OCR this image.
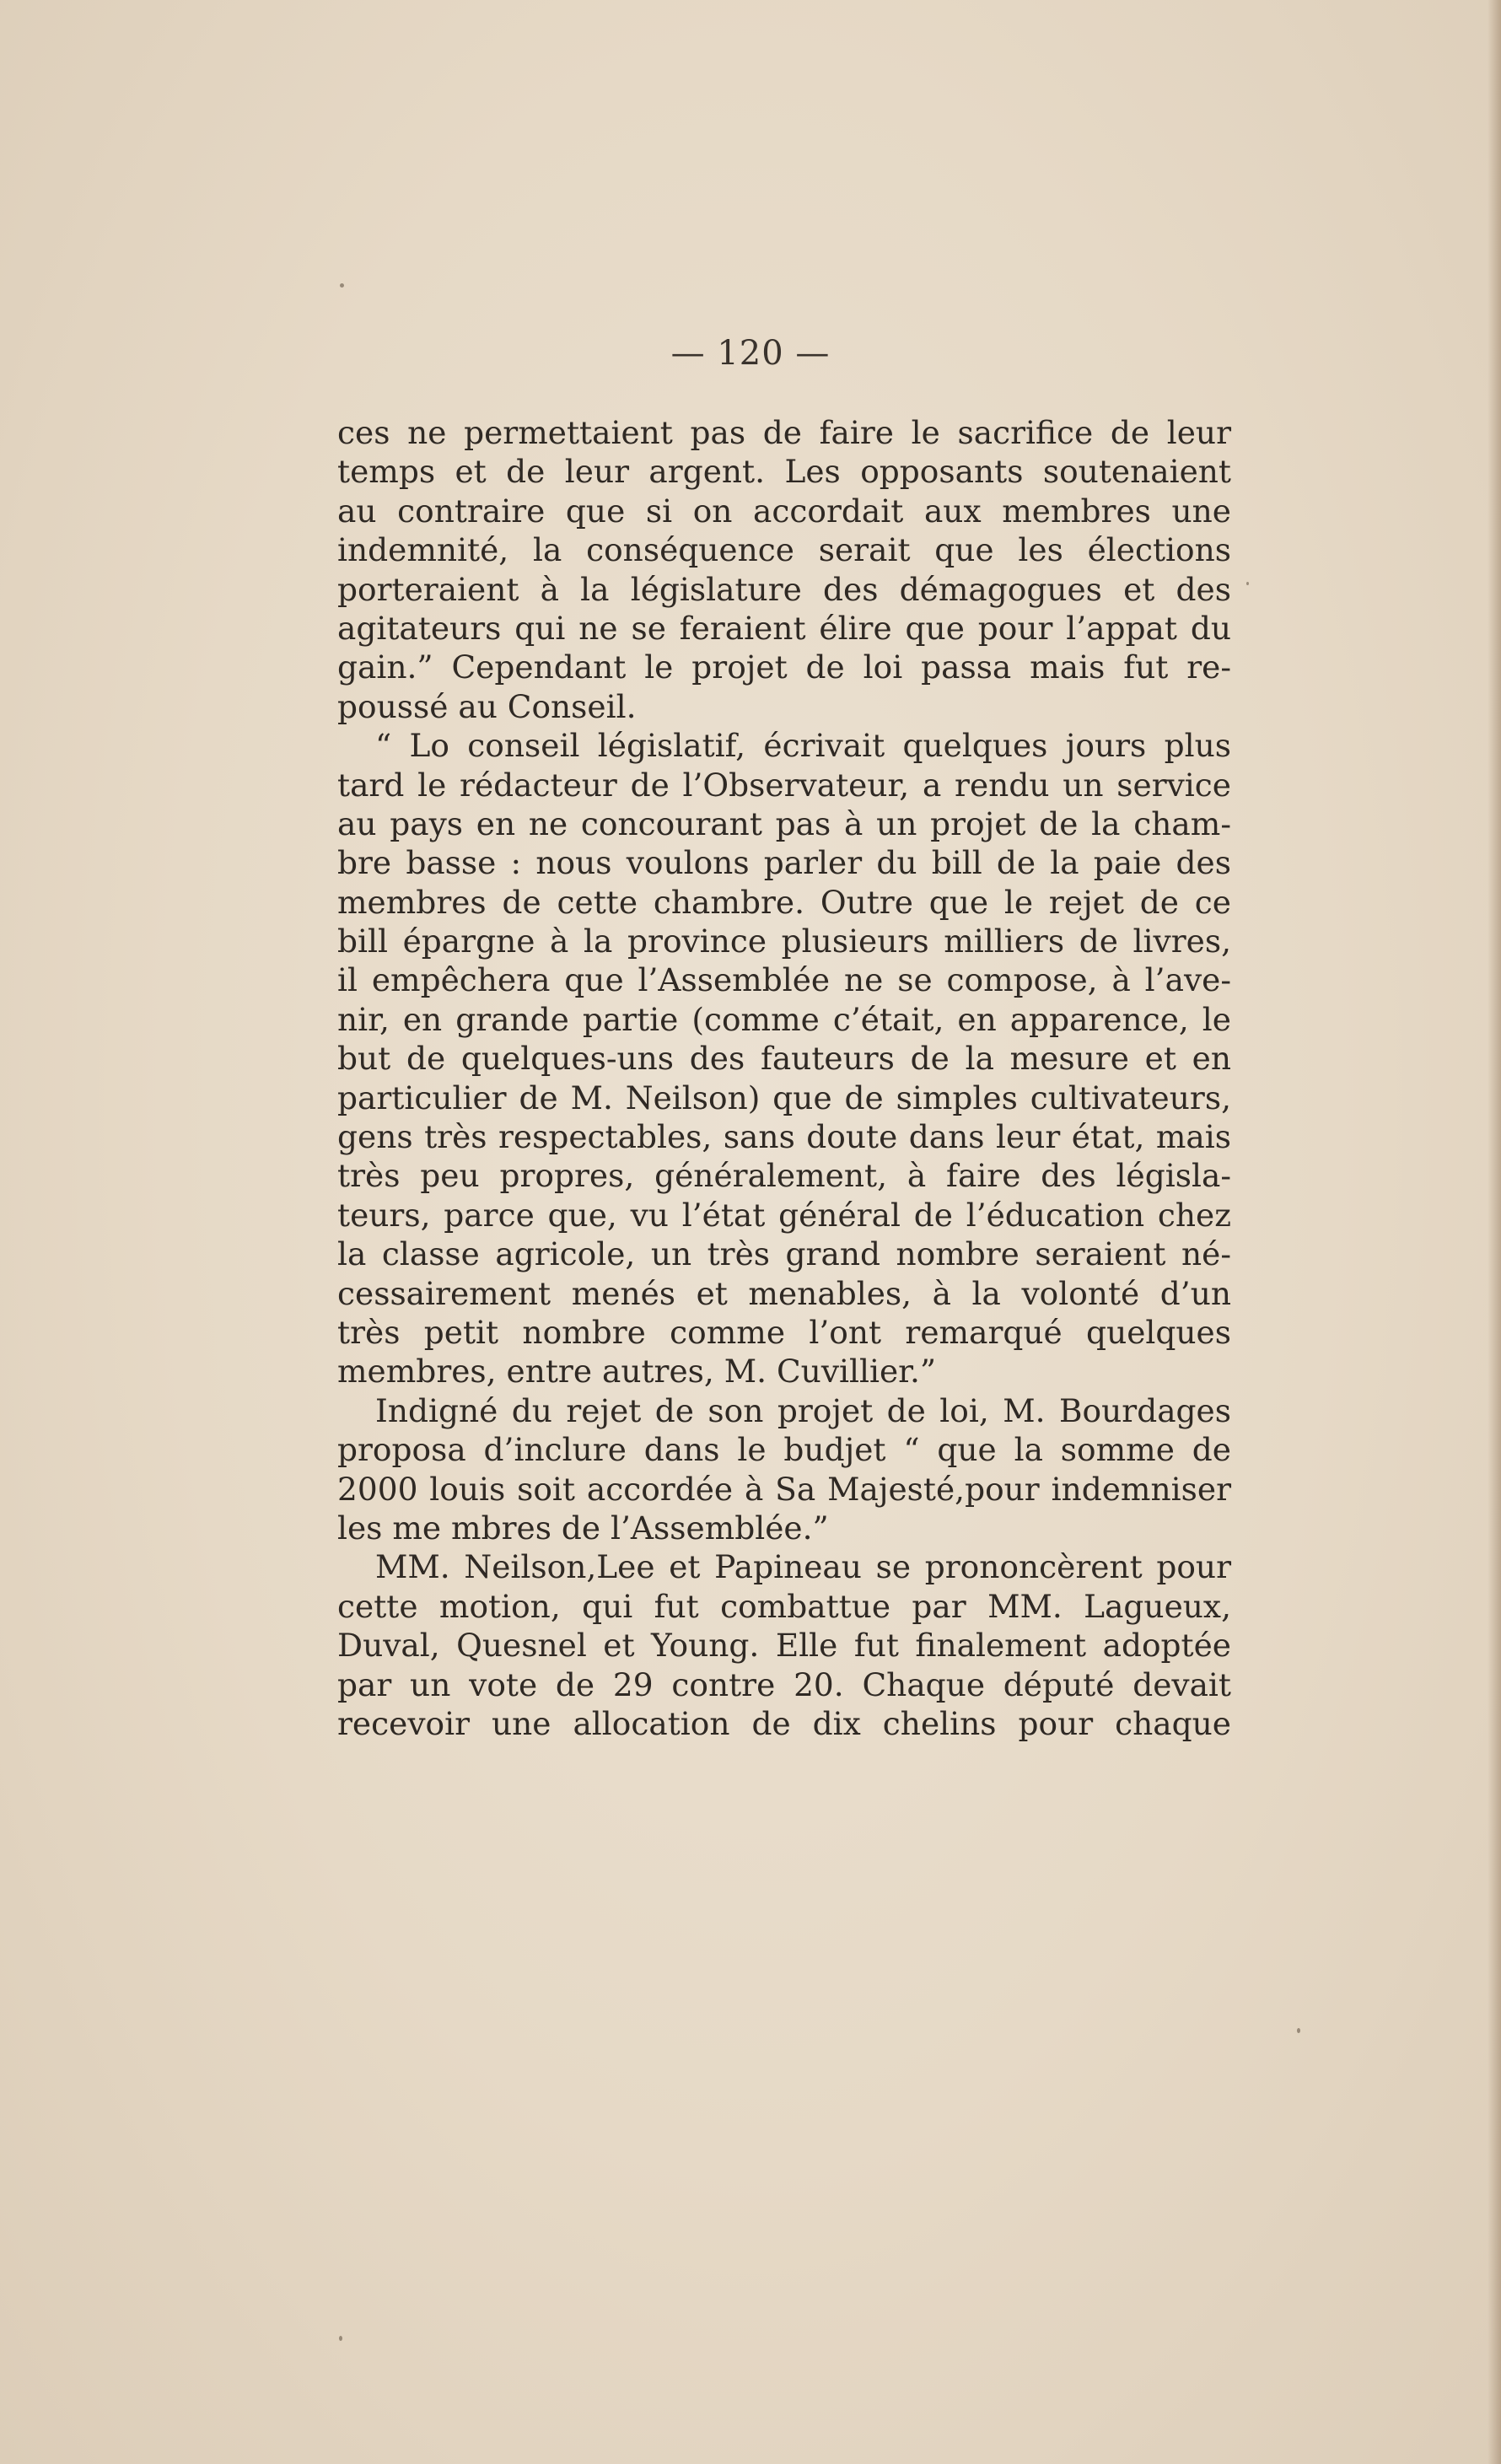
— 120 —
ces ne permettaient pas de faire le sacrifice de leur
temps et de leur argent. Les opposants soutenaient
au contraire que si on accordait aux membres une
indemnité, la conséquence serait que les élections
porteraient à la législature des démagogues et des
agitateurs qui ne se feraient élire que pour l’appat du
gain.” Cependant le projet de loi passa mais fut re-
poussé au Conseil.
“ Lo conseil législatif, écrivait quelques jours plus
tard le rédacteur de l’Observateur, a rendu un service
au pays en ne concourant pas à un projet de la cham-
bre basse : nous voulons parler du bill de la paie des
membres de cette chambre. Outre que le rejet de ce
bill épargne à la province plusieurs milliers de livres,
il empêchera que l’Assemblée ne se compose, à l’ave-
nir, en grande partie (comme c’était, en apparence, le
but de quelques-uns des fauteurs de la mesure et en
particulier de M. Neilson) que de simples cultivateurs,
gens très respectables, sans doute dans leur état, mais
très peu propres, généralement, à faire des législa-
teurs, parce que, vu l’état général de l’éducation chez
la classe agricole, un très grand nombre seraient né-
cessairement menés et menables, à la volonté d’un
très petit nombre comme l’ont remarqué quelques
membres, entre autres, M. Cuvillier.”
Indigné du rejet de son projet de loi, M. Bourdages
proposa d’inclure dans le budjet “ que la somme de
2000 louis soit accordée à Sa Majesté,pour indemniser
les me mbres de l’Assemblée.”
MM. Neilson,Lee et Papineau se prononcèrent pour
cette motion, qui fut combattue par MM. Lagueux,
Duval, Quesnel et Young. Elle fut finalement adoptée
par un vote de 29 contre 20. Chaque député devait
recevoir une allocation de dix chelins pour chaque
